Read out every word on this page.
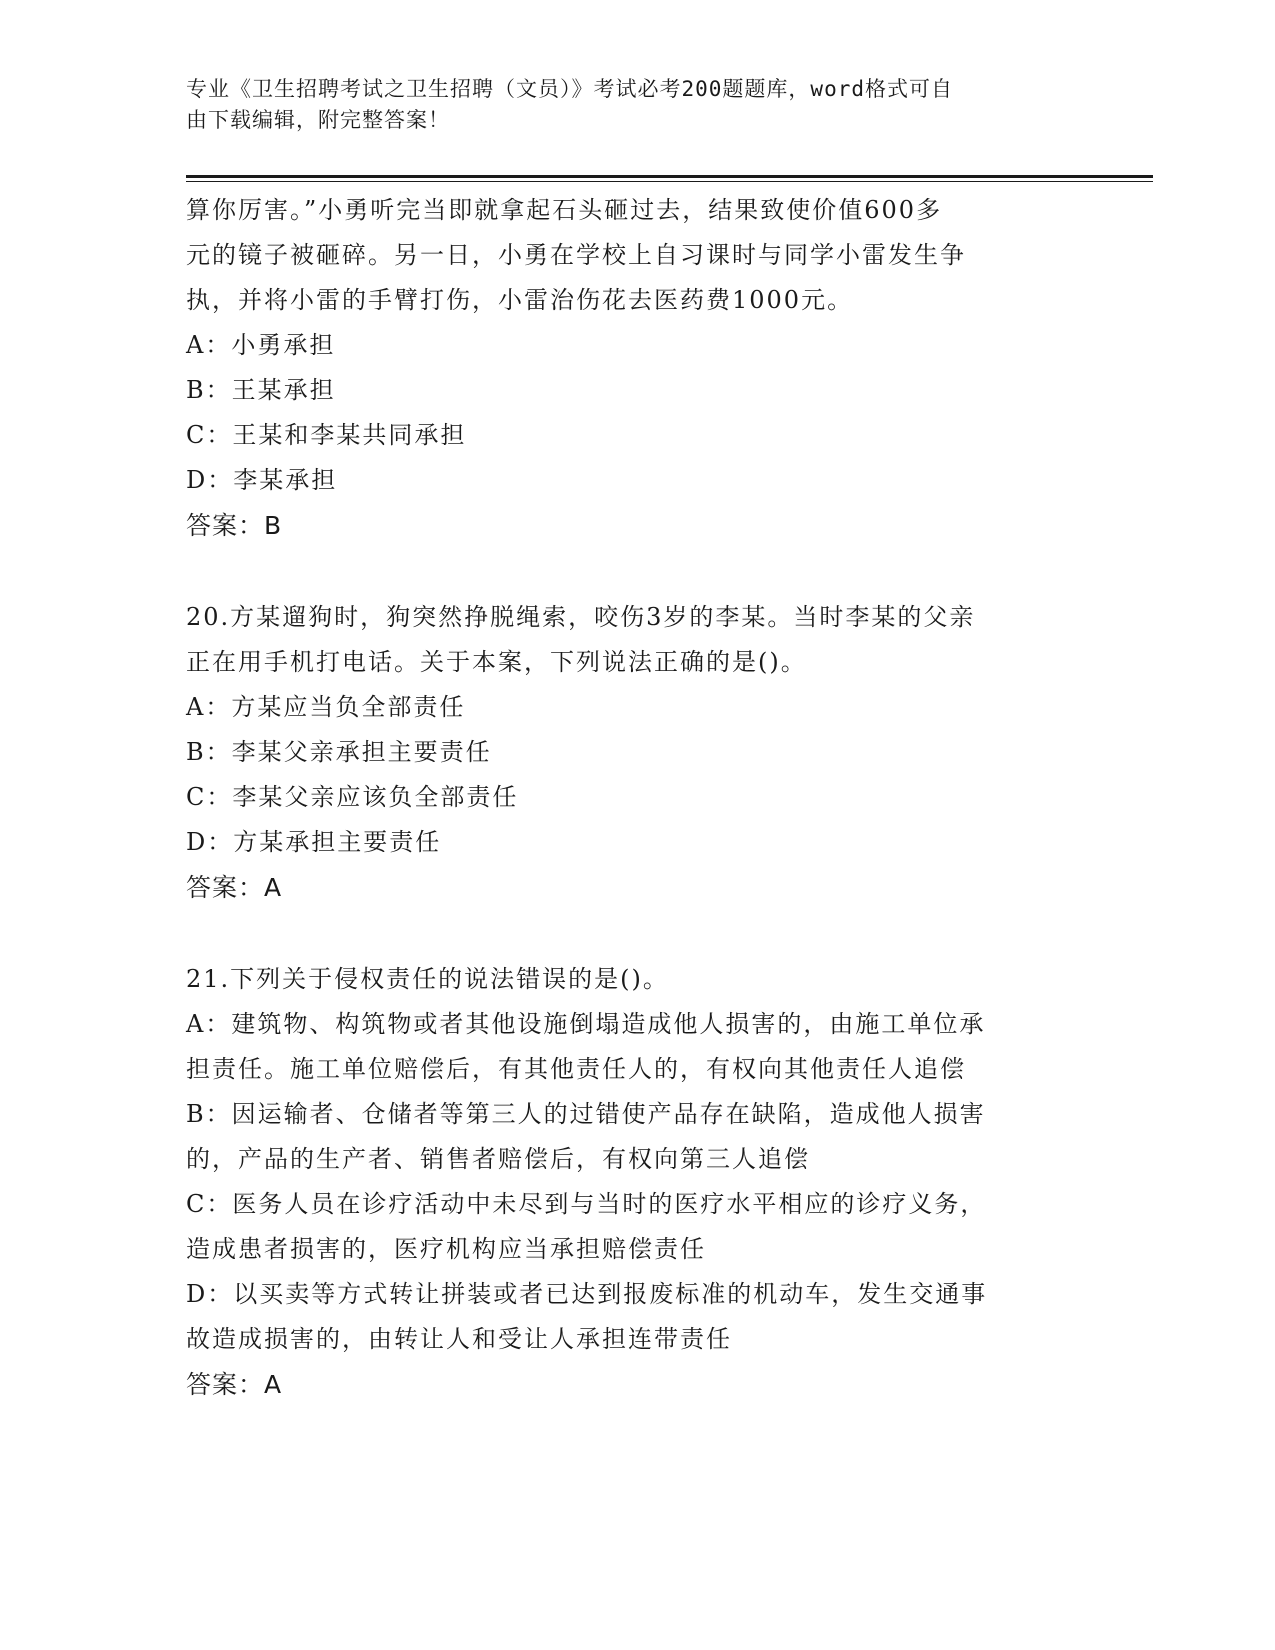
专业《卫生招聘考试之卫生招聘（文员）》考试必考200题题库，word格式可自
由下载编辑，附完整答案！
算你厉害。”小勇听完当即就拿起石头砸过去，结果致使价值600多
元的镜子被砸碎。另一日，小勇在学校上自习课时与同学小雷发生争
执，并将小雷的手臂打伤，小雷治伤花去医药费1000元。
A：小勇承担
B：王某承担
C：王某和李某共同承担
D：李某承担
答案：B
20.方某遛狗时，狗突然挣脱绳索，咬伤3岁的李某。当时李某的父亲
正在用手机打电话。关于本案，下列说法正确的是()。
A：方某应当负全部责任
B：李某父亲承担主要责任
C：李某父亲应该负全部责任
D：方某承担主要责任
答案：A
21.下列关于侵权责任的说法错误的是()。
A：建筑物、构筑物或者其他设施倒塌造成他人损害的，由施工单位承
担责任。施工单位赔偿后，有其他责任人的，有权向其他责任人追偿
B：因运输者、仓储者等第三人的过错使产品存在缺陷，造成他人损害
的，产品的生产者、销售者赔偿后，有权向第三人追偿
C：医务人员在诊疗活动中未尽到与当时的医疗水平相应的诊疗义务，
造成患者损害的，医疗机构应当承担赔偿责任
D：以买卖等方式转让拼装或者已达到报废标准的机动车，发生交通事
故造成损害的，由转让人和受让人承担连带责任
答案：A
